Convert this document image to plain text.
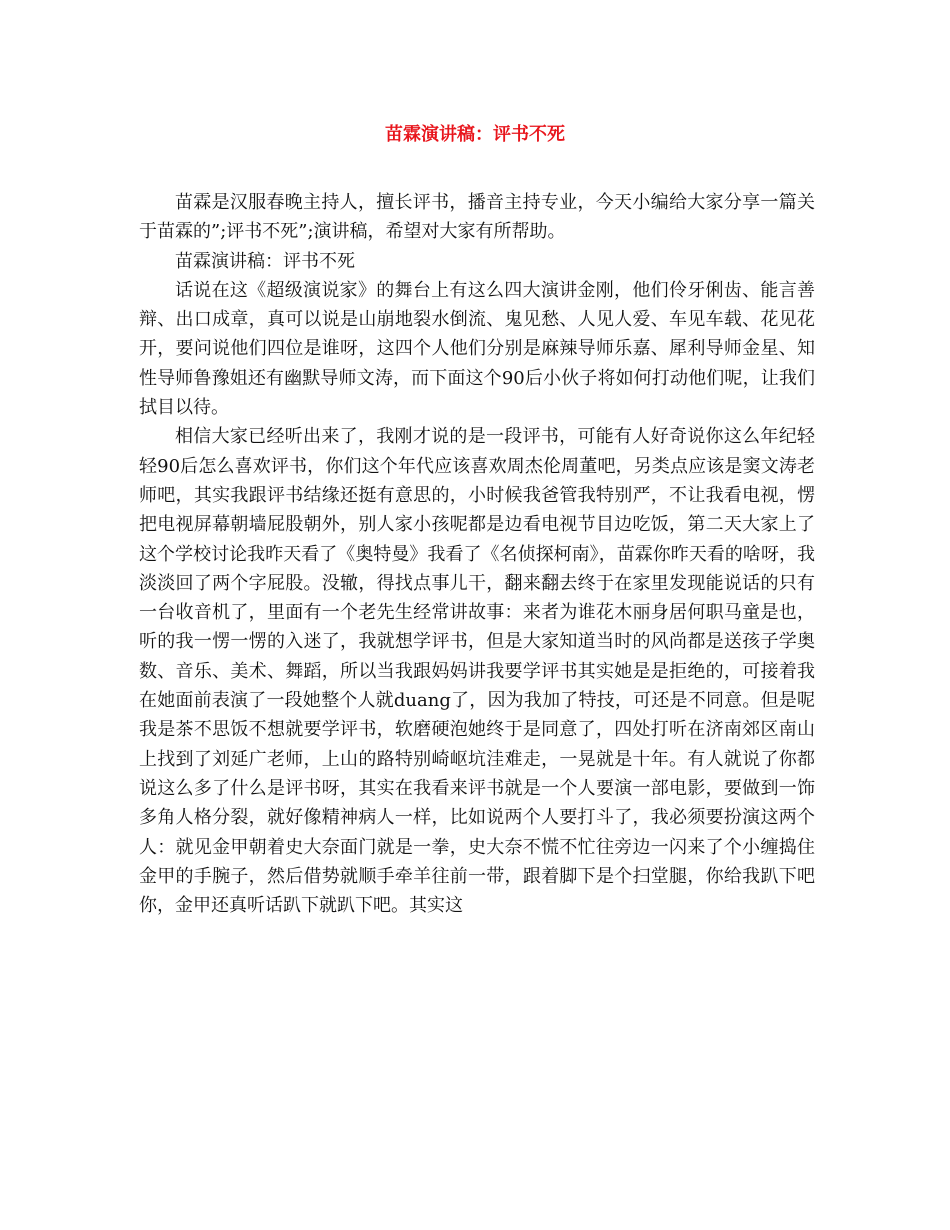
苗霖演讲稿：评书不死

苗霖是汉服春晚主持人，擅长评书，播音主持专业，今天小编给大家分享一篇关于苗霖的”;评书不死”;演讲稿，希望对大家有所帮助。

苗霖演讲稿：评书不死

话说在这《超级演说家》的舞台上有这么四大演讲金刚，他们伶牙俐齿、能言善辩、出口成章，真可以说是山崩地裂水倒流、鬼见愁、人见人爱、车见车载、花见花开，要问说他们四位是谁呀，这四个人他们分别是麻辣导师乐嘉、犀利导师金星、知性导师鲁豫姐还有幽默导师文涛，而下面这个90后小伙子将如何打动他们呢，让我们拭目以待。

相信大家已经听出来了，我刚才说的是一段评书，可能有人好奇说你这么年纪轻轻90后怎么喜欢评书，你们这个年代应该喜欢周杰伦周董吧，另类点应该是窦文涛老师吧，其实我跟评书结缘还挺有意思的，小时候我爸管我特别严，不让我看电视，愣把电视屏幕朝墙屁股朝外，别人家小孩呢都是边看电视节目边吃饭，第二天大家上了这个学校讨论我昨天看了《奥特曼》我看了《名侦探柯南》，苗霖你昨天看的啥呀，我淡淡回了两个字屁股。没辙，得找点事儿干，翻来翻去终于在家里发现能说话的只有一台收音机了，里面有一个老先生经常讲故事：来者为谁花木丽身居何职马童是也，听的我一愣一愣的入迷了，我就想学评书，但是大家知道当时的风尚都是送孩子学奥数、音乐、美术、舞蹈，所以当我跟妈妈讲我要学评书其实她是是拒绝的，可接着我在她面前表演了一段她整个人就duang了，因为我加了特技，可还是不同意。但是呢我是茶不思饭不想就要学评书，软磨硬泡她终于是同意了，四处打听在济南郊区南山上找到了刘延广老师，上山的路特别崎岖坑洼难走，一晃就是十年。有人就说了你都说这么多了什么是评书呀，其实在我看来评书就是一个人要演一部电影，要做到一饰多角人格分裂，就好像精神病人一样，比如说两个人要打斗了，我必须要扮演这两个人：就见金甲朝着史大奈面门就是一拳，史大奈不慌不忙往旁边一闪来了个小缠捣住金甲的手腕子，然后借势就顺手牵羊往前一带，跟着脚下是个扫堂腿，你给我趴下吧你，金甲还真听话趴下就趴下吧。其实这
